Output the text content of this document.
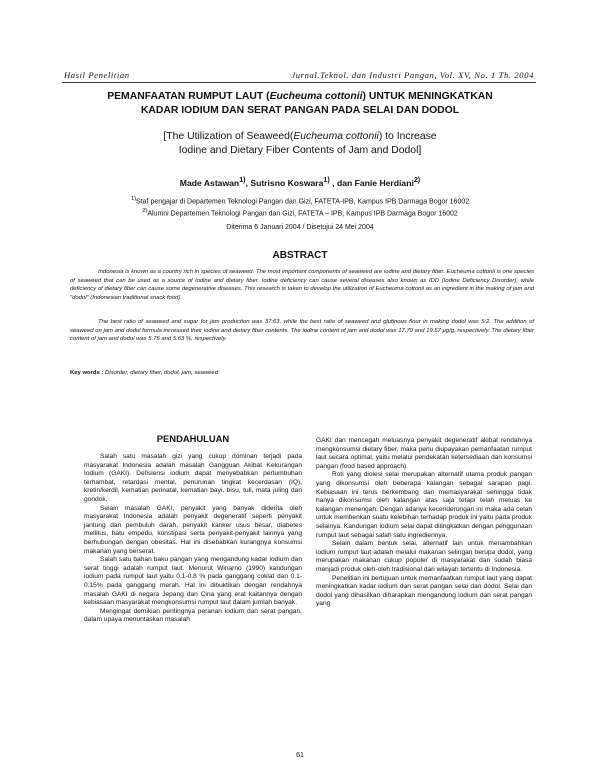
Hasil Penelitian	Jurnal.Teknol. dan Industri Pangan, Vol. XV, No. 1 Th. 2004
PEMANFAATAN RUMPUT LAUT (Eucheuma cottonii) UNTUK MENINGKATKAN
KADAR IODIUM DAN SERAT PANGAN PADA SELAI DAN DODOL
[The Utilization of Seaweed(Eucheuma cottonii) to Increase
Iodine and Dietary Fiber Contents of Jam and Dodol]
Made Astawan$^{1)}$, Sutrisno Koswara$^{1)}$ , dan Fanie Herdiani$^{2)}$
$^{1)}$Staf pengajar di Departemen Teknologi Pangan dan Gizi, FATETA-IPB, Kampus IPB Darmaga Bogor 16002
$^{2)}$Alumni Departemen Teknologi Pangan dan Gizi, FATETA – IPB, Kampus IPB Darmaga Bogor 16002
Diterima 6 Januari 2004 / Disetujui 24 Mei 2004
ABSTRACT
Indonesia is known as a country rich in species of seaweed. The most important components of seaweed are iodine and dietary fiber. Eucheuma cottonii is one species of seaweed that can be used as a source of iodine and dietary fiber. Iodine deficiency can cause several diseases also known as IDD (Iodine Deficiency Disorder), while deficiency of dietary fiber can cause some degenerative diseases. This research is taken to develop the utilization of Eucheuma cottonii as an ingredient in the making of jam and "dodol" (Indonesian traditional snack food).
The best ratio of seaweed and sugar for jam production was 37:63, while the best ratio of seaweed and glutinous flour in making dodol was 5:2. The addition of seaweed on jam and dodol formula increased their iodine and dietary fiber contents. The iodine content of jam and dodol was 17.79 and 19.57 µg/g, respectively. The dietary fiber content of jam and dodol was 5.75 and 5.63 %, respectively.
Key words : Disorder, dietary fiber, dodol, jam, seaweed
PENDAHULUAN

Salah satu masalah gizi yang cukup dominan terjadi pada masyarakat Indonesia adalah masalah Gangguan Akibat Kekurangan Iodium (GAKI). Defisiensi iodium dapat menyebabkan pertumbuhan terhambat, retardasi mental, penurunan tingkat kecerdasan (IQ), kretin/kerdil, kematian perinatal, kematian bayi, bisu, tuli, mata juling dan gondok.

Selain masalah GAKI, penyakit yang banyak diderita oleh masyarakat Indonesia adalah penyakit degeneratif seperti penyakit jantung dan pembuluh darah, penyakit kanker usus besar, diabetes mellitus, batu empedu, konstipasi serta penyakit-penyakit lainnya yang berhubungan dengan obesitas. Hal ini disebabkan kurangnya konsumsi makanan yang berserat.

Salah satu bahan baku pangan yang mengandung kadar iodium dan serat tinggi adalah rumput laut. Menurut Winarno (1990) kandungan iodium pada rumput laut yaitu 0.1-0.8 % pada ganggang coklat dan 0.1-0.15% pada ganggang merah. Hal ini dibuktikan dengan rendahnya masalah GAKI di negara Jepang dan Cina yang erat kaitannya dengan kebiasaan masyarakat mengkonsumsi rumput laut dalam jumlah banyak.

Mengingat demikian pentingnya peranan iodium dan serat pangan, dalam upaya menuntaskan masalah

GAKI dan mencegah meluasnya penyakit degeneratif akibat rendahnya mengkonsumsi dietary fiber, maka perlu diupayakan pemanfaatan rumput laut secara optimal, yaitu melalui pendekatan ketersediaan dan konsumsi pangan (food based approach).

Roti yang diolesi selai merupakan alternatif utama produk pangan yang dikonsumsi oleh beberapa kalangan sebagai sarapan pagi. Kebiasaan ini terus berkembang dan memasyarakat sehingga tidak hanya dikonsumsi oleh kalangan atas saja tetapi telah meluas ke kalangan menengah. Dengan adanya kecenderungan ini maka ada celah untuk membenkan suatu kelebihan terhadap produk ini yaitu pada produk selainya. Kandungan iodium selai dapat ditingkatkan dengan penggunaan rumput laut sebagai salah satu ingrediennya.

Selain dalam bentuk selai, alternatif lain untuk menambahkan iodium rumput laut adalah melalui makanan selingan berupa dodol, yang merupakan makanan cukup populer di masyarakat dan sudah biasa menjadi produk oleh-oleh tradisional dari wilayah tertentu di Indonesia.

Penelitian ini bertujuan untuk memanfaatkan rumput laut yang dapat meningkatkan kadar iodium dan serat pangan selai dan dodol. Selai dan dodol yang dihasilkan diharapkan mengandung iodium dan serat pangan yang

61
